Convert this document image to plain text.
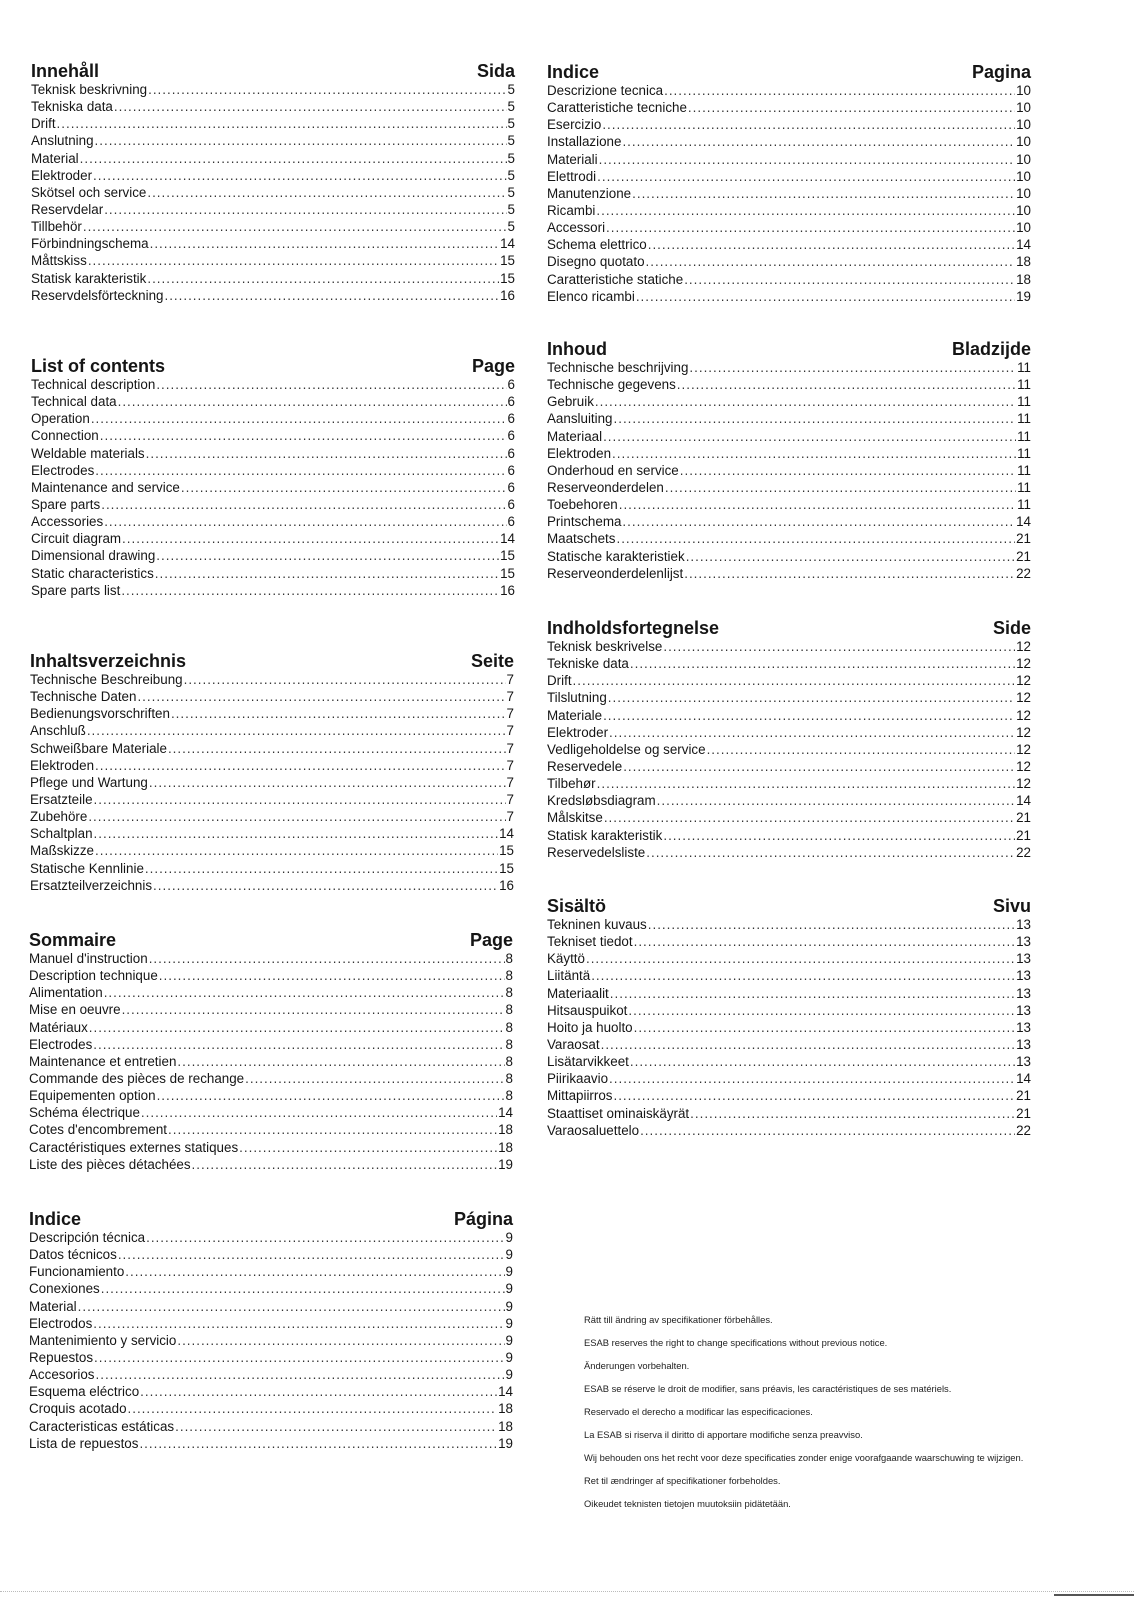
Innehåll	Sida
Teknisk beskrivning .....	5
Tekniska data .....	5
Drift .....	5
Anslutning .....	5
Material .....	5
Elektroder .....	5
Skötsel och service .....	5
Reservdelar .....	5
Tillbehör .....	5
Förbindningschema .....	14
Måttskiss .....	15
Statisk karakteristik .....	15
Reservdelsförteckning .....	16
List of contents	Page
Technical description .....	6
Technical data .....	6
Operation .....	6
Connection .....	6
Weldable materials .....	6
Electrodes .....	6
Maintenance and service .....	6
Spare parts .....	6
Accessories .....	6
Circuit diagram .....	14
Dimensional drawing .....	15
Static characteristics .....	15
Spare parts list .....	16
Inhaltsverzeichnis	Seite
Technische Beschreibung .....	7
Technische Daten .....	7
Bedienungsvorschriften .....	7
Anschluß .....	7
Schweißbare Materiale .....	7
Elektroden .....	7
Pflege und Wartung .....	7
Ersatzteile .....	7
Zubehöre .....	7
Schaltplan .....	14
Maßskizze .....	15
Statische Kennlinie .....	15
Ersatzteilverzeichnis .....	16
Sommaire	Page
Manuel d'instruction .....	8
Description technique .....	8
Alimentation .....	8
Mise en oeuvre .....	8
Matériaux .....	8
Electrodes .....	8
Maintenance et entretien .....	8
Commande des pièces de rechange .....	8
Equipementen option .....	8
Schéma électrique .....	14
Cotes d'encombrement .....	18
Caractéristiques externes statiques .....	18
Liste des pièces détachées .....	19
Indice	Página
Descripción técnica .....	9
Datos técnicos .....	9
Funcionamiento .....	9
Conexiones .....	9
Material .....	9
Electrodos .....	9
Mantenimiento y servicio .....	9
Repuestos .....	9
Accesorios .....	9
Esquema eléctrico .....	14
Croquis acotado .....	18
Caracteristicas estáticas .....	18
Lista de repuestos .....	19
Indice	Pagina
Descrizione tecnica .....	10
Caratteristiche tecniche .....	10
Esercizio .....	10
Installazione .....	10
Materiali .....	10
Elettrodi .....	10
Manutenzione .....	10
Ricambi .....	10
Accessori .....	10
Schema elettrico .....	14
Disegno quotato .....	18
Caratteristiche statiche .....	18
Elenco ricambi .....	19
Inhoud	Bladzijde
Technische beschrijving .....	11
Technische gegevens .....	11
Gebruik .....	11
Aansluiting .....	11
Materiaal .....	11
Elektroden .....	11
Onderhoud en service .....	11
Reserveonderdelen .....	11
Toebehoren .....	11
Printschema .....	14
Maatschets .....	21
Statische karakteristiek .....	21
Reserveonderdelenlijst .....	22
Indholdsfortegnelse	Side
Teknisk beskrivelse .....	12
Tekniske data .....	12
Drift .....	12
Tilslutning .....	12
Materiale .....	12
Elektroder .....	12
Vedligeholdelse og service .....	12
Reservedele .....	12
Tilbehør .....	12
Kredsløbsdiagram .....	14
Målskitse .....	21
Statisk karakteristik .....	21
Reservedelsliste .....	22
Sisältö	Sivu
Tekninen kuvaus .....	13
Tekniset tiedot .....	13
Käyttö .....	13
Liitäntä .....	13
Materiaalit .....	13
Hitsauspuikot .....	13
Hoito ja huolto .....	13
Varaosat .....	13
Lisätarvikkeet .....	13
Piirikaavio .....	14
Mittapiirros .....	21
Staattiset ominaiskäyrät .....	21
Varaosaluettelo .....	22

Rätt till ändring av specifikationer förbehålles.

ESAB reserves the right to change specifications without previous notice.

Änderungen vorbehalten.

ESAB se réserve le droit de modifier, sans préavis, les caractéristiques de ses matériels.

Reservado el derecho a modificar las especificaciones.

La ESAB si riserva il diritto di apportare modifiche senza preavviso.

Wij behouden ons het recht voor deze specificaties zonder enige voorafgaande waarschuwing te wijzigen.

Ret til ændringer af specifikationer forbeholdes.

Oikeudet teknisten tietojen muutoksiin pidätetään.
